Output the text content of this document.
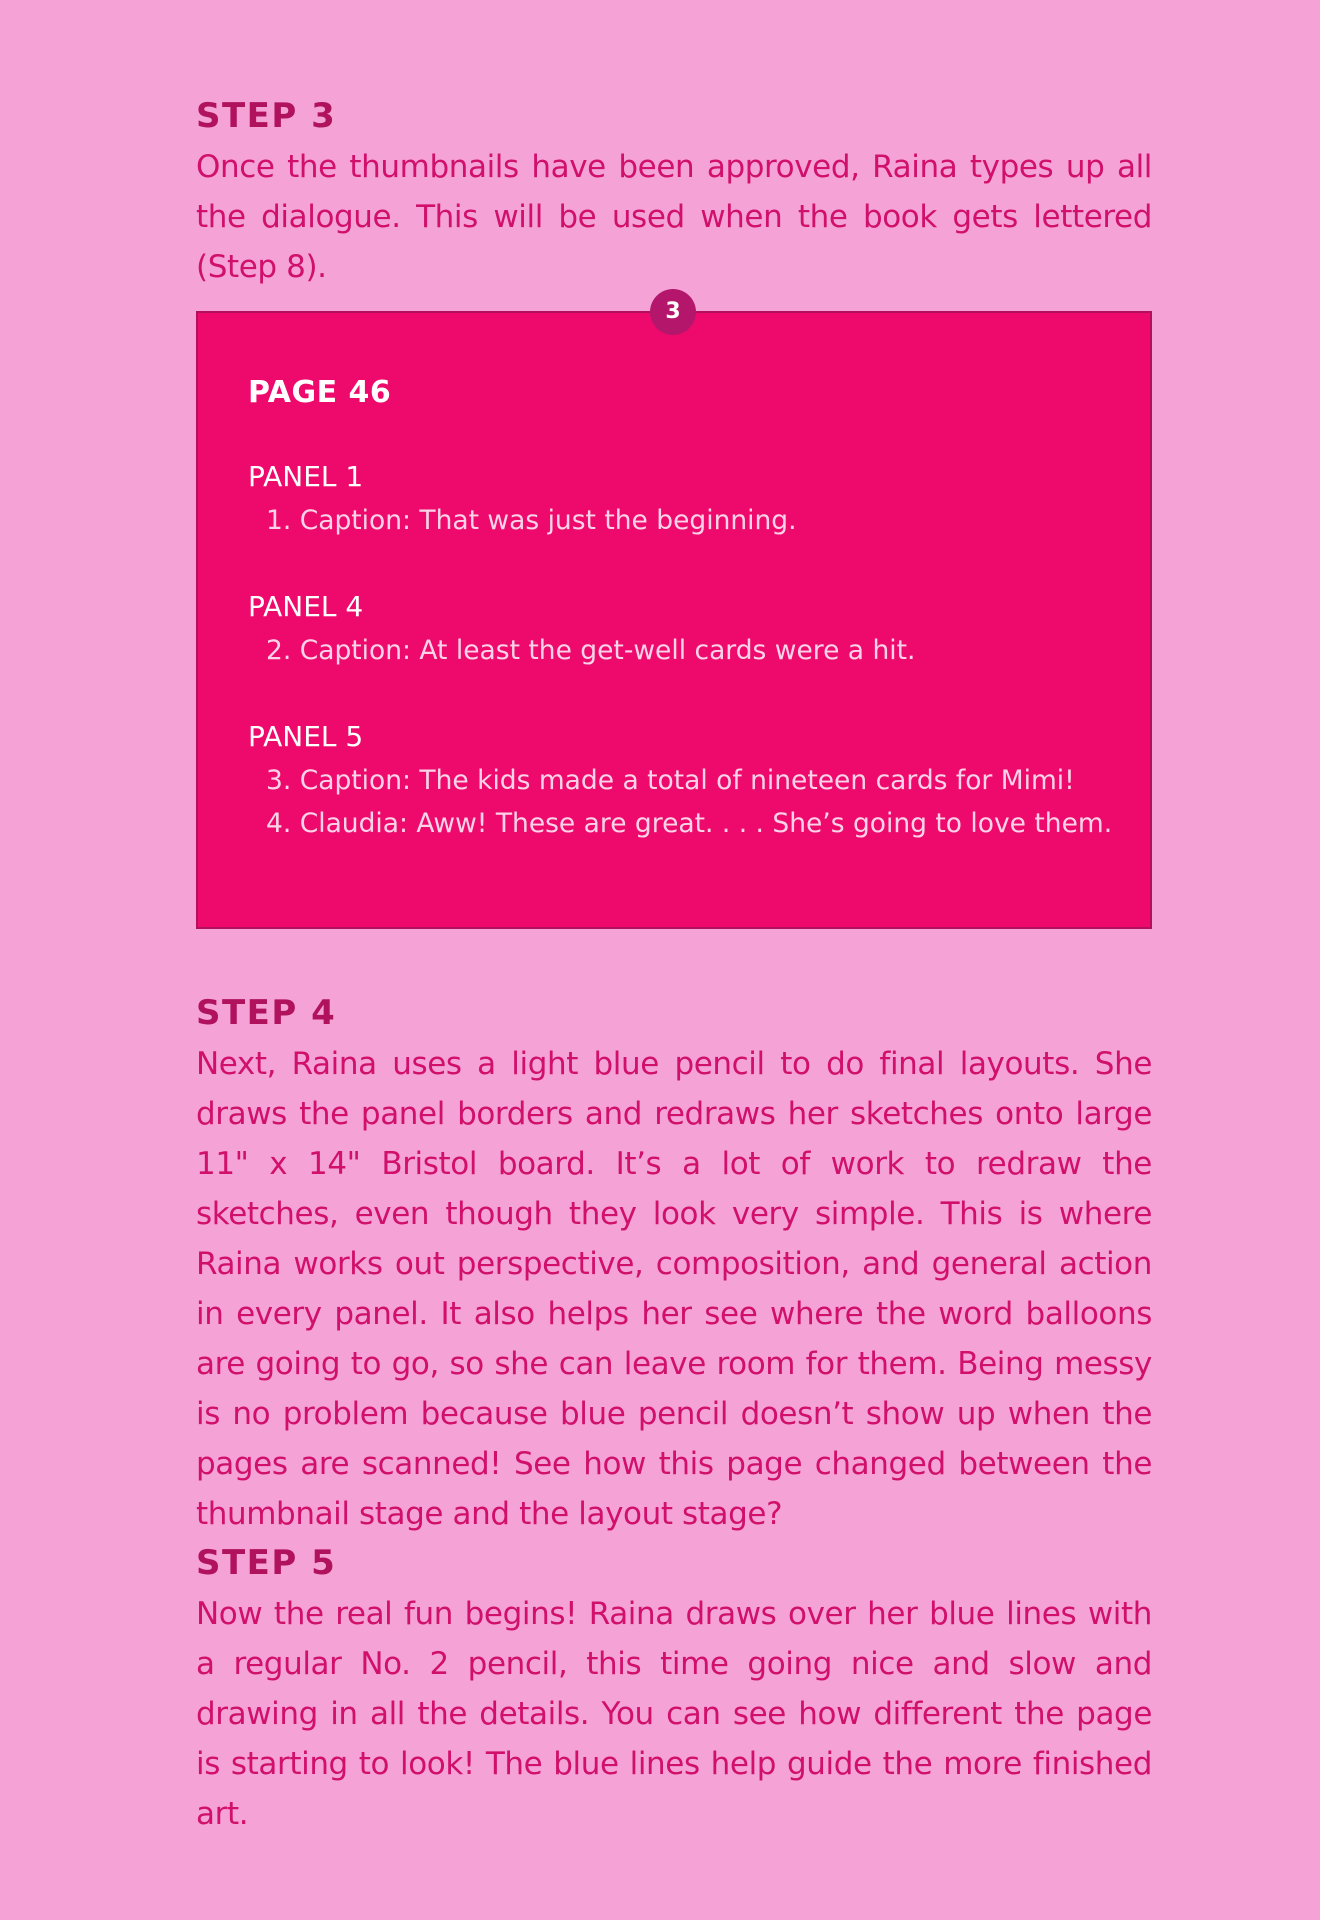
STEP 3

Once the thumbnails have been approved, Raina types up all the dialogue. This will be used when the book gets lettered (Step 8).

3
PAGE 46
PANEL 1
1. Caption: That was just the beginning.
PANEL 4
2. Caption: At least the get-well cards were a hit.
PANEL 5
3. Caption: The kids made a total of nineteen cards for Mimi!
4. Claudia: Aww! These are great. . . . She’s going to love them.
STEP 4

Next, Raina uses a light blue pencil to do final layouts. She draws the panel borders and redraws her sketches onto large 11" x 14" Bristol board. It’s a lot of work to redraw the sketches, even though they look very simple. This is where Raina works out perspective, composition, and general action in every panel. It also helps her see where the word balloons are going to go, so she can leave room for them. Being messy is no problem because blue pencil doesn’t show up when the pages are scanned! See how this page changed between the thumbnail stage and the layout stage?

STEP 5

Now the real fun begins! Raina draws over her blue lines with a regular No. 2 pencil, this time going nice and slow and drawing in all the details. You can see how different the page is starting to look! The blue lines help guide the more finished art.
